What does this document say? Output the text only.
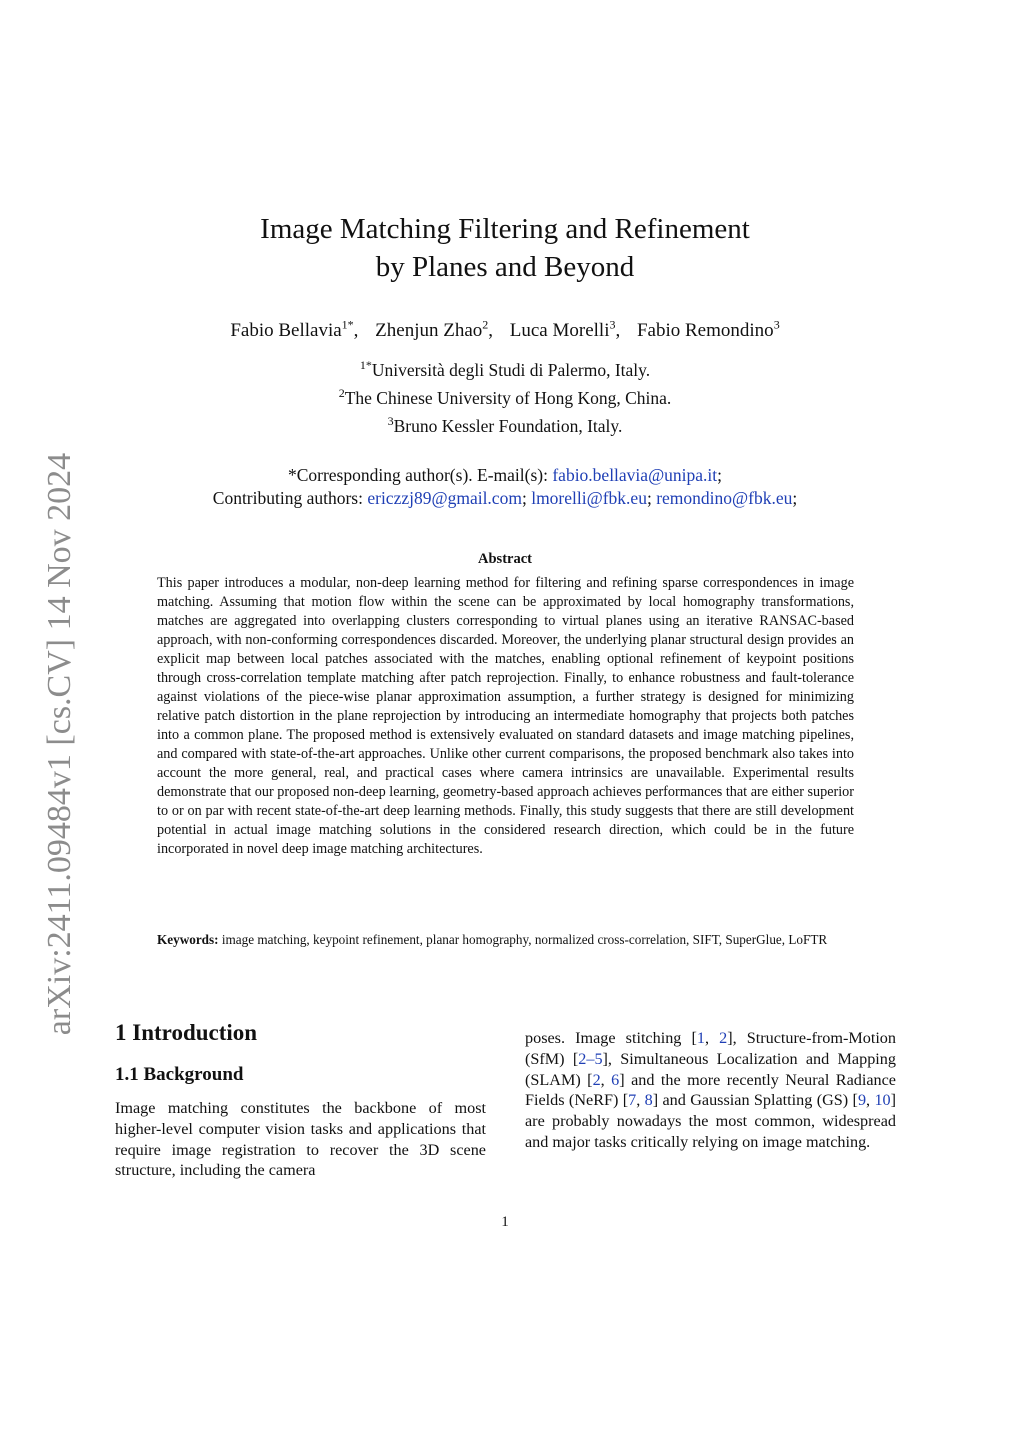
arXiv:2411.09484v1 [cs.CV] 14 Nov 2024
Image Matching Filtering and Refinement
by Planes and Beyond
Fabio Bellavia$^{1*}$, Zhenjun Zhao$^2$, Luca Morelli$^3$, Fabio Remondino$^3$
$^{1*}$Università degli Studi di Palermo, Italy.
$^2$The Chinese University of Hong Kong, China.
$^3$Bruno Kessler Foundation, Italy.
*Corresponding author(s). E-mail(s): fabio.bellavia@unipa.it;
Contributing authors: ericzzj89@gmail.com; lmorelli@fbk.eu; remondino@fbk.eu;
Abstract
This paper introduces a modular, non-deep learning method for filtering and refining sparse correspondences in image matching. Assuming that motion flow within the scene can be approximated by local homography transformations, matches are aggregated into overlapping clusters corresponding to virtual planes using an iterative RANSAC-based approach, with non-conforming correspondences discarded. Moreover, the underlying planar structural design provides an explicit map between local patches associated with the matches, enabling optional refinement of keypoint positions through cross-correlation template matching after patch reprojection. Finally, to enhance robustness and fault-tolerance against violations of the piece-wise planar approximation assumption, a further strategy is designed for minimizing relative patch distortion in the plane reprojection by introducing an intermediate homography that projects both patches into a common plane. The proposed method is extensively evaluated on standard datasets and image matching pipelines, and compared with state-of-the-art approaches. Unlike other current comparisons, the proposed benchmark also takes into account the more general, real, and practical cases where camera intrinsics are unavailable. Experimental results demonstrate that our proposed non-deep learning, geometry-based approach achieves performances that are either superior to or on par with recent state-of-the-art deep learning methods. Finally, this study suggests that there are still development potential in actual image matching solutions in the considered research direction, which could be in the future incorporated in novel deep image matching architectures.
Keywords: image matching, keypoint refinement, planar homography, normalized cross-correlation, SIFT, SuperGlue, LoFTR
1 Introduction
1.1 Background
Image matching constitutes the backbone of most higher-level computer vision tasks and applications that require image registration to recover the 3D scene structure, including the camera
poses. Image stitching [1, 2], Structure-from-Motion (SfM) [2–5], Simultaneous Localization and Mapping (SLAM) [2, 6] and the more recently Neural Radiance Fields (NeRF) [7, 8] and Gaussian Splatting (GS) [9, 10] are probably nowadays the most common, widespread and major tasks critically relying on image matching.
1
